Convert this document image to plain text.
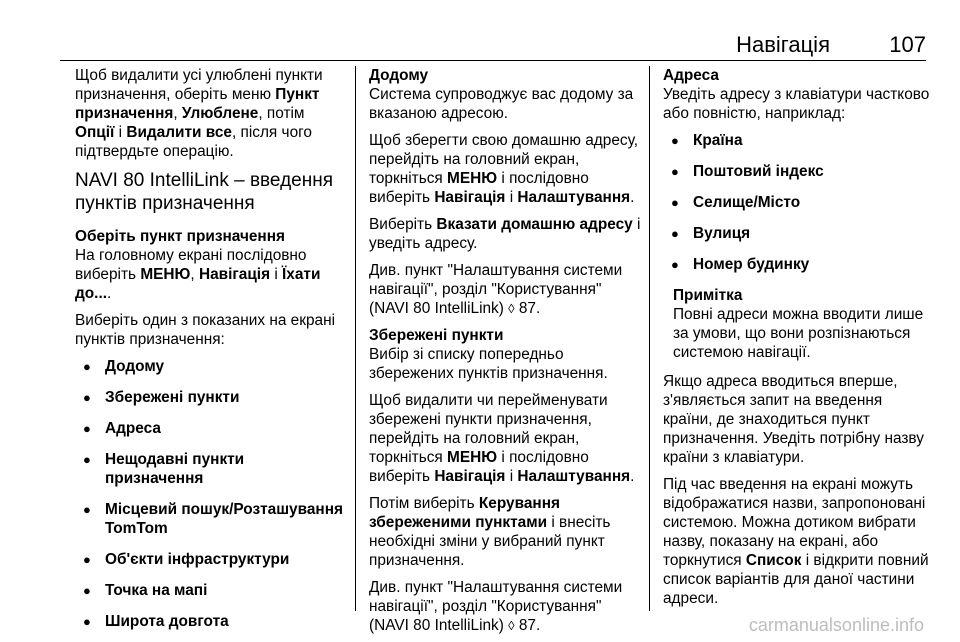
Навігація	107

Щоб видалити усі улюблені пункти призначення, оберіть меню Пункт призначення, Улюблене, потім Опції і Видалити все, після чого підтвердьте операцію.

NAVI 80 IntelliLink – введення пунктів призначення
Оберіть пункт призначення

На головному екрані послідовно виберіть МЕНЮ, Навігація і Їхати до....

Виберіть один з показаних на екрані пунктів призначення:

● Додому
● Збережені пункти
● Адреса
● Нещодавні пункти призначення
● Місцевий пошук/Розташування TomTom
● Об'єкти інфраструктури
● Точка на мапі
● Широта довгота
Додому

Система супроводжує вас додому за вказаною адресою.

Щоб зберегти свою домашню адресу, перейдіть на головний екран, торкніться МЕНЮ і послідовно виберіть Навігація і Налаштування.

Виберіть Вказати домашню адресу і уведіть адресу.

Див. пункт "Налаштування системи навігації", розділ "Користування" (NAVI 80 IntelliLink) ◊ 87.

Збережені пункти

Вибір зі списку попередньо збережених пунктів призначення.

Щоб видалити чи перейменувати збережені пункти призначення, перейдіть на головний екран, торкніться МЕНЮ і послідовно виберіть Навігація і Налаштування.

Потім виберіть Керування збереженими пунктами і внесіть необхідні зміни у вибраний пункт призначення.

Див. пункт "Налаштування системи навігації", розділ "Користування" (NAVI 80 IntelliLink) ◊ 87.

Адреса

Уведіть адресу з клавіатури частково або повністю, наприклад:

● Країна
● Поштовий індекс
● Селище/Місто
● Вулиця
● Номер будинку
Примітка
Повні адреси можна вводити лише за умови, що вони розпізнаються системою навігації.

Якщо адреса вводиться вперше, з'являється запит на введення країни, де знаходиться пункт призначення. Уведіть потрібну назву країни з клавіатури.

Під час введення на екрані можуть відображатися назви, запропоновані системою. Можна дотиком вибрати назву, показану на екрані, або торкнутися Список і відкрити повний список варіантів для даної частини адреси.

carmanualsonline.info
